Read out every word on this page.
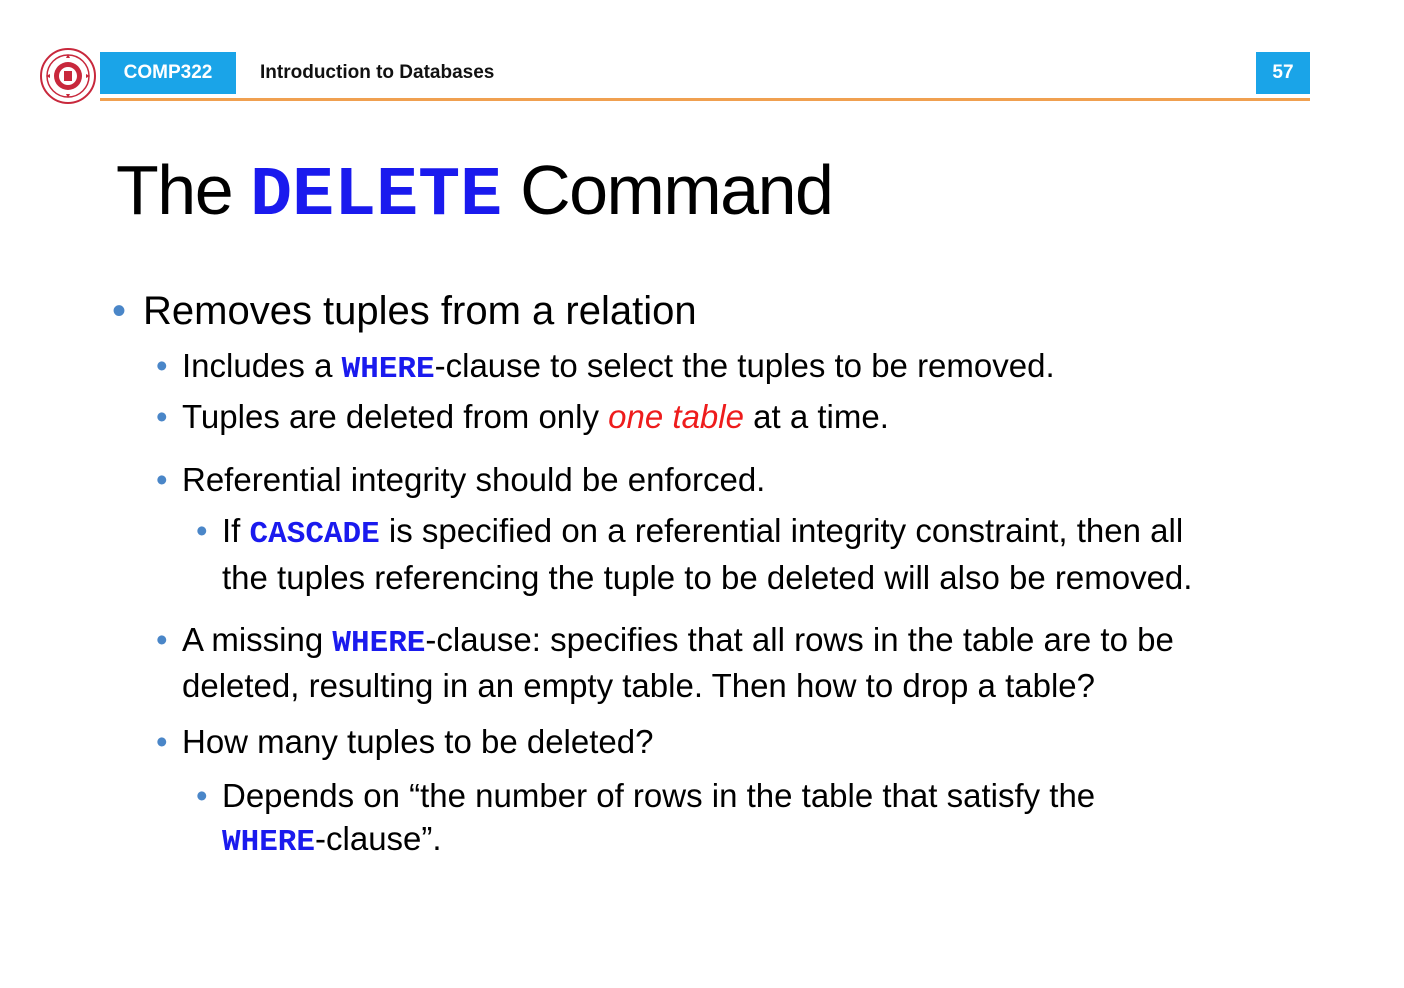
COMP322	Introduction to Databases	57
The DELETE Command
• Removes tuples from a relation
• Includes a WHERE-clause to select the tuples to be removed.
• Tuples are deleted from only one table at a time.
• Referential integrity should be enforced.
• If CASCADE is specified on a referential integrity constraint, then all
the tuples referencing the tuple to be deleted will also be removed.
• A missing WHERE-clause: specifies that all rows in the table are to be
deleted, resulting in an empty table. Then how to drop a table?
• How many tuples to be deleted?
• Depends on “the number of rows in the table that satisfy the
WHERE-clause”.
